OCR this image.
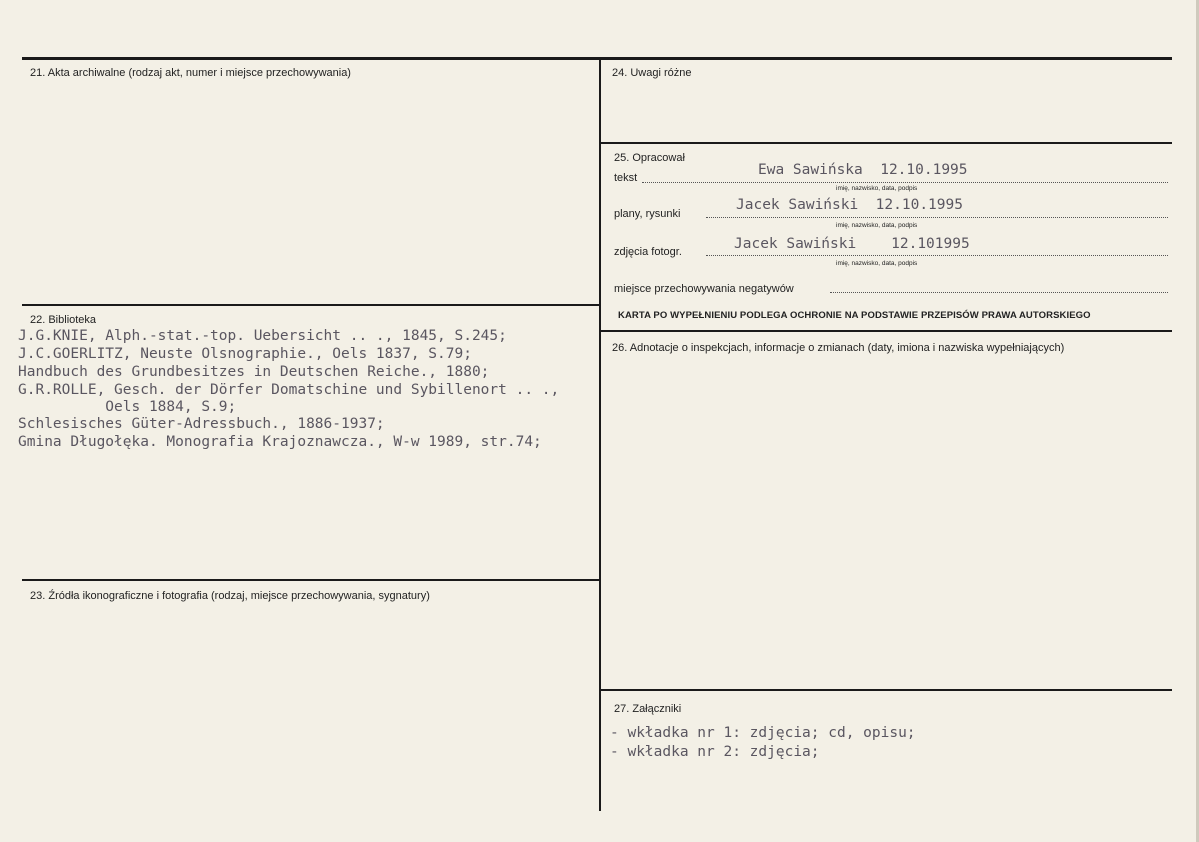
21. Akta archiwalne (rodzaj akt, numer i miejsce przechowywania)
22. Biblioteka
J.G.KNIE, Alph.-stat.-top. Uebersicht .. ., 1845, S.245;
J.C.GOERLITZ, Neuste Olsnographie., Oels 1837, S.79;
Handbuch des Grundbesitzes in Deutschen Reiche., 1880;
G.R.ROLLE, Gesch. der Dörfer Domatschine und Sybillenort .. .,
Oels 1884, S.9;
Schlesisches Güter-Adressbuch., 1886-1937;
Gmina Długołęka. Monografia Krajoznawcza., W-w 1989, str.74;
23. Źródła ikonograficzne i fotografia (rodzaj, miejsce przechowywania, sygnatury)
24. Uwagi różne
25. Opracował
tekst	Ewa Sawińska  12.10.1995
imię, nazwisko, data, podpis
plany, rysunki
Jacek Sawiński  12.10.1995
imię, nazwisko, data, podpis
zdjęcia fotogr.	Jacek Sawiński    12.101995
imię, nazwisko, data, podpis
miejsce przechowywania negatywów
KARTA PO WYPEŁNIENIU PODLEGA OCHRONIE NA PODSTAWIE PRZEPISÓW PRAWA AUTORSKIEGO
26. Adnotacje o inspekcjach, informacje o zmianach (daty, imiona i nazwiska wypełniających)
27. Załączniki
- wkładka nr 1: zdjęcia; cd, opisu;
- wkładka nr 2: zdjęcia;
